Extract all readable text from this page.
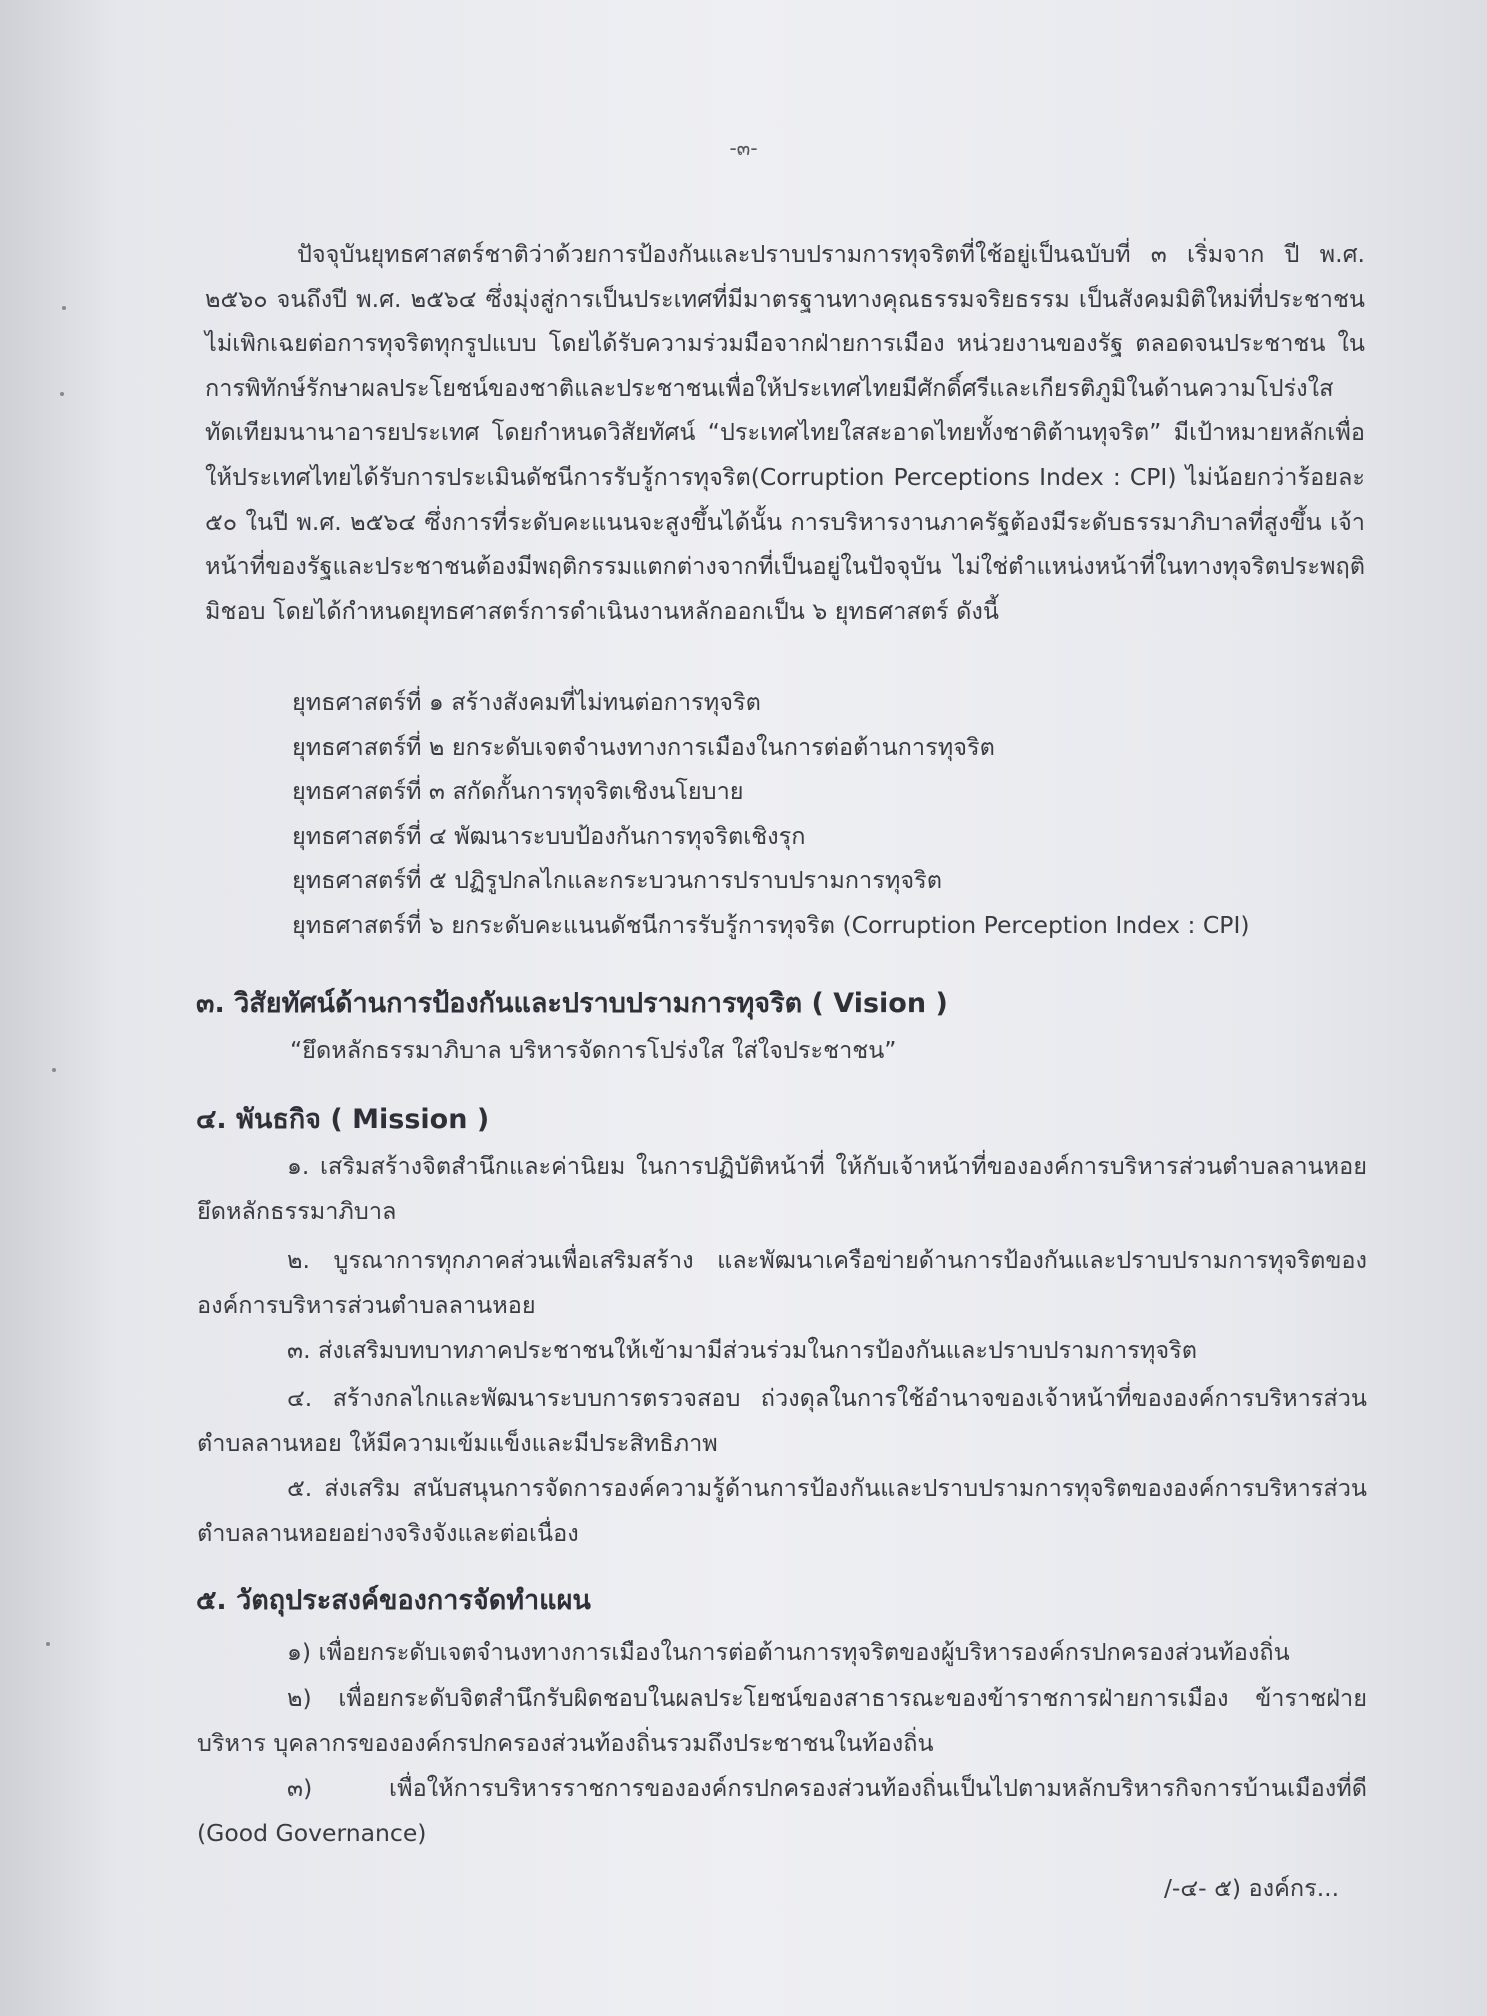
-๓-

ปัจจุบันยุทธศาสตร์ชาติว่าด้วยการป้องกันและปราบปรามการทุจริตที่ใช้อยู่เป็นฉบับที่ ๓ เริ่มจาก ปี พ.ศ. ๒๕๖๐ จนถึงปี พ.ศ. ๒๕๖๔ ซึ่งมุ่งสู่การเป็นประเทศที่มีมาตรฐานทางคุณธรรมจริยธรรม เป็นสังคมมิติใหม่ที่ประชาชนไม่เพิกเฉยต่อการทุจริตทุกรูปแบบ โดยได้รับความร่วมมือจากฝ่ายการเมือง หน่วยงานของรัฐ ตลอดจนประชาชน ในการพิทักษ์รักษาผลประโยชน์ของชาติและประชาชนเพื่อให้ประเทศไทยมีศักดิ์ศรีและเกียรติภูมิในด้านความโปร่งใสทัดเทียมนานาอารยประเทศ โดยกำหนดวิสัยทัศน์ “ประเทศไทยใสสะอาดไทยทั้งชาติต้านทุจริต” มีเป้าหมายหลักเพื่อให้ประเทศไทยได้รับการประเมินดัชนีการรับรู้การทุจริต(Corruption Perceptions Index : CPI) ไม่น้อยกว่าร้อยละ ๕๐ ในปี พ.ศ. ๒๕๖๔ ซึ่งการที่ระดับคะแนนจะสูงขึ้นได้นั้น การบริหารงานภาครัฐต้องมีระดับธรรมาภิบาลที่สูงขึ้น เจ้าหน้าที่ของรัฐและประชาชนต้องมีพฤติกรรมแตกต่างจากที่เป็นอยู่ในปัจจุบัน ไม่ใช่ตำแหน่งหน้าที่ในทางทุจริตประพฤติมิชอบ โดยได้กำหนดยุทธศาสตร์การดำเนินงานหลักออกเป็น ๖ ยุทธศาสตร์ ดังนี้

ยุทธศาสตร์ที่ ๑ สร้างสังคมที่ไม่ทนต่อการทุจริต
ยุทธศาสตร์ที่ ๒ ยกระดับเจตจำนงทางการเมืองในการต่อต้านการทุจริต
ยุทธศาสตร์ที่ ๓ สกัดกั้นการทุจริตเชิงนโยบาย
ยุทธศาสตร์ที่ ๔ พัฒนาระบบป้องกันการทุจริตเชิงรุก
ยุทธศาสตร์ที่ ๕ ปฏิรูปกลไกและกระบวนการปราบปรามการทุจริต
ยุทธศาสตร์ที่ ๖ ยกระดับคะแนนดัชนีการรับรู้การทุจริต (Corruption Perception Index : CPI)
๓. วิสัยทัศน์ด้านการป้องกันและปราบปรามการทุจริต ( Vision )
“ยึดหลักธรรมาภิบาล บริหารจัดการโปร่งใส ใส่ใจประชาชน”
๔. พันธกิจ ( Mission )
๑. เสริมสร้างจิตสำนึกและค่านิยม ในการปฏิบัติหน้าที่ ให้กับเจ้าหน้าที่ขององค์การบริหารส่วนตำบลลานหอย ยึดหลักธรรมาภิบาล
๒. บูรณาการทุกภาคส่วนเพื่อเสริมสร้าง และพัฒนาเครือข่ายด้านการป้องกันและปราบปรามการทุจริตขององค์การบริหารส่วนตำบลลานหอย
๓. ส่งเสริมบทบาทภาคประชาชนให้เข้ามามีส่วนร่วมในการป้องกันและปราบปรามการทุจริต
๔. สร้างกลไกและพัฒนาระบบการตรวจสอบ ถ่วงดุลในการใช้อำนาจของเจ้าหน้าที่ขององค์การบริหารส่วนตำบลลานหอย ให้มีความเข้มแข็งและมีประสิทธิภาพ
๕. ส่งเสริม สนับสนุนการจัดการองค์ความรู้ด้านการป้องกันและปราบปรามการทุจริตขององค์การบริหารส่วนตำบลลานหอยอย่างจริงจังและต่อเนื่อง
๕. วัตถุประสงค์ของการจัดทำแผน
๑) เพื่อยกระดับเจตจำนงทางการเมืองในการต่อต้านการทุจริตของผู้บริหารองค์กรปกครองส่วนท้องถิ่น
๒) เพื่อยกระดับจิตสำนึกรับผิดชอบในผลประโยชน์ของสาธารณะของข้าราชการฝ่ายการเมือง ข้าราชฝ่ายบริหาร บุคลากรขององค์กรปกครองส่วนท้องถิ่นรวมถึงประชาชนในท้องถิ่น
๓) เพื่อให้การบริหารราชการขององค์กรปกครองส่วนท้องถิ่นเป็นไปตามหลักบริหารกิจการบ้านเมืองที่ดี (Good Governance)
/-๔- ๕) องค์กร...
